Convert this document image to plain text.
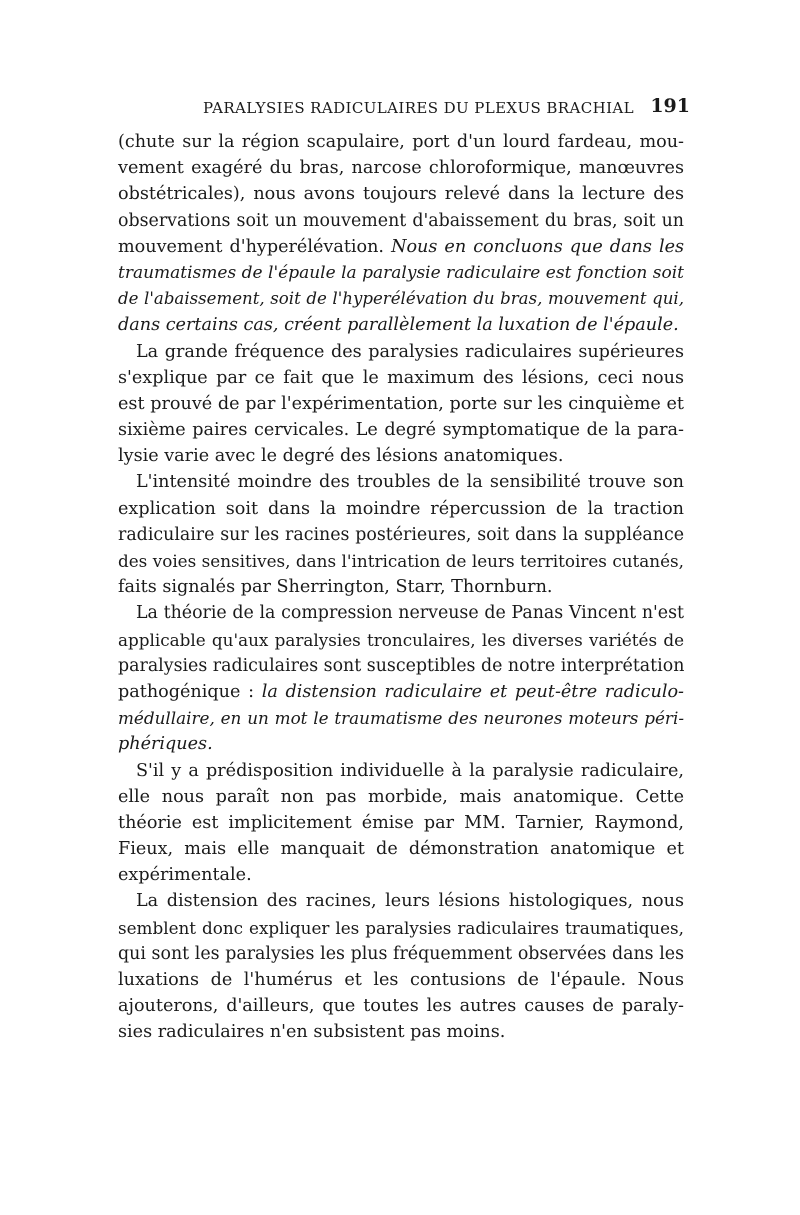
PARALYSIES RADICULAIRES DU PLEXUS BRACHIAL 191
(chute sur la région scapulaire, port d'un lourd fardeau, mou-
vement exagéré du bras, narcose chloroformique, manœuvres
obstétricales), nous avons toujours relevé dans la lecture des
observations soit un mouvement d'abaissement du bras, soit un
mouvement d'hyperélévation. Nous en concluons que dans les
traumatismes de l'épaule la paralysie radiculaire est fonction soit
de l'abaissement, soit de l'hyperélévation du bras, mouvement qui,
dans certains cas, créent parallèlement la luxation de l'épaule.
La grande fréquence des paralysies radiculaires supérieures
s'explique par ce fait que le maximum des lésions, ceci nous
est prouvé de par l'expérimentation, porte sur les cinquième et
sixième paires cervicales. Le degré symptomatique de la para-
lysie varie avec le degré des lésions anatomiques.
L'intensité moindre des troubles de la sensibilité trouve son
explication soit dans la moindre répercussion de la traction
radiculaire sur les racines postérieures, soit dans la suppléance
des voies sensitives, dans l'intrication de leurs territoires cutanés,
faits signalés par Sherrington, Starr, Thornburn.
La théorie de la compression nerveuse de Panas Vincent n'est
applicable qu'aux paralysies tronculaires, les diverses variétés de
paralysies radiculaires sont susceptibles de notre interprétation
pathogénique : la distension radiculaire et peut-être radiculo-
médullaire, en un mot le traumatisme des neurones moteurs péri-
phériques.
S'il y a prédisposition individuelle à la paralysie radiculaire,
elle nous paraît non pas morbide, mais anatomique. Cette
théorie est implicitement émise par MM. Tarnier, Raymond,
Fieux, mais elle manquait de démonstration anatomique et
expérimentale.
La distension des racines, leurs lésions histologiques, nous
semblent donc expliquer les paralysies radiculaires traumatiques,
qui sont les paralysies les plus fréquemment observées dans les
luxations de l'humérus et les contusions de l'épaule. Nous
ajouterons, d'ailleurs, que toutes les autres causes de paraly-
sies radiculaires n'en subsistent pas moins.
